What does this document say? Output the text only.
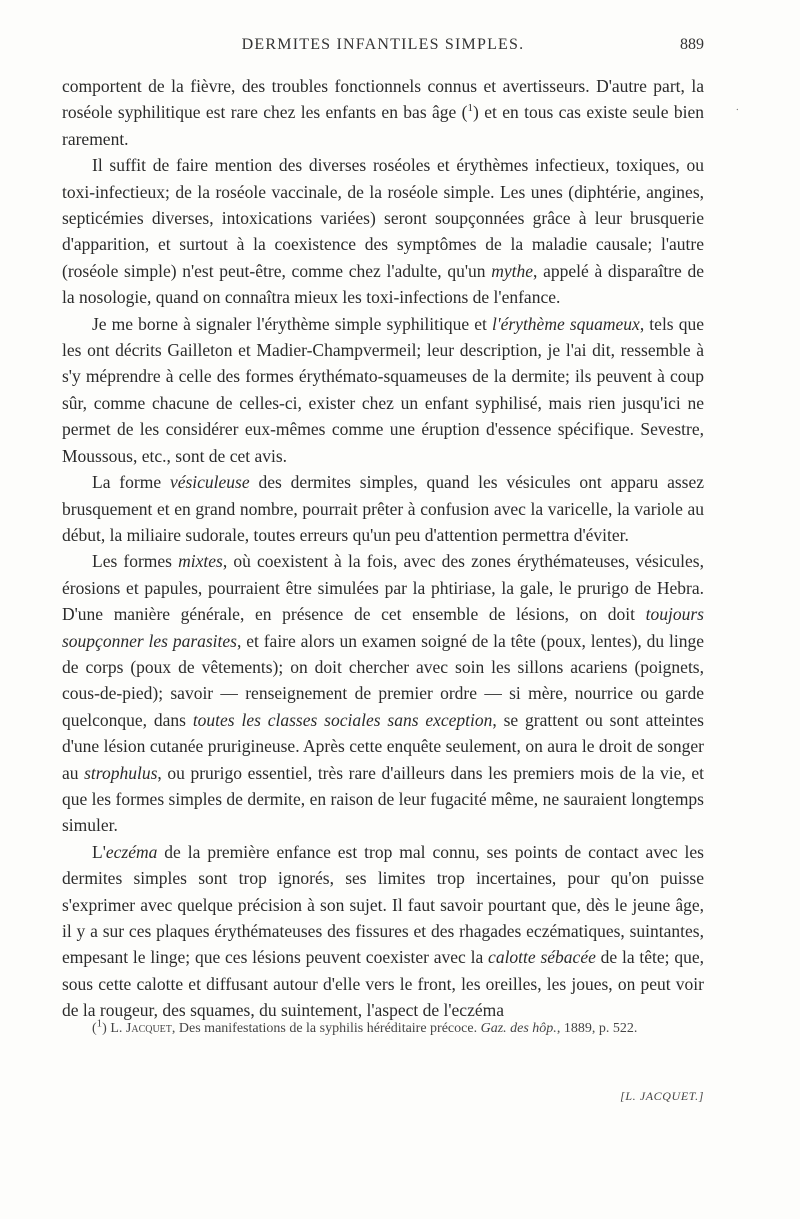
DERMITES INFANTILES SIMPLES.	889
⸱

comportent de la fièvre, des troubles fonctionnels connus et avertisseurs. D'autre part, la roséole syphilitique est rare chez les enfants en bas âge ($^1$) et en tous cas existe seule bien rarement.

Il suffit de faire mention des diverses roséoles et érythèmes infectieux, toxiques, ou toxi-infectieux; de la roséole vaccinale, de la roséole simple. Les unes (diphtérie, angines, septicémies diverses, intoxications variées) seront soupçonnées grâce à leur brusquerie d'apparition, et surtout à la coexistence des symptômes de la maladie causale; l'autre (roséole simple) n'est peut-être, comme chez l'adulte, qu'un mythe, appelé à disparaître de la nosologie, quand on connaîtra mieux les toxi-infections de l'enfance.

Je me borne à signaler l'érythème simple syphilitique et l'érythème squameux, tels que les ont décrits Gailleton et Madier-Champvermeil; leur description, je l'ai dit, ressemble à s'y méprendre à celle des formes érythémato-squameuses de la dermite; ils peuvent à coup sûr, comme chacune de celles-ci, exister chez un enfant syphilisé, mais rien jusqu'ici ne permet de les considérer eux-mêmes comme une éruption d'essence spécifique. Sevestre, Moussous, etc., sont de cet avis.

La forme vésiculeuse des dermites simples, quand les vésicules ont apparu assez brusquement et en grand nombre, pourrait prêter à confusion avec la varicelle, la variole au début, la miliaire sudorale, toutes erreurs qu'un peu d'attention permettra d'éviter.

Les formes mixtes, où coexistent à la fois, avec des zones érythémateuses, vésicules, érosions et papules, pourraient être simulées par la phtiriase, la gale, le prurigo de Hebra. D'une manière générale, en présence de cet ensemble de lésions, on doit toujours soupçonner les parasites, et faire alors un examen soigné de la tête (poux, lentes), du linge de corps (poux de vêtements); on doit chercher avec soin les sillons acariens (poignets, cous-de-pied); savoir — renseignement de premier ordre — si mère, nourrice ou garde quelconque, dans toutes les classes sociales sans exception, se grattent ou sont atteintes d'une lésion cutanée prurigineuse. Après cette enquête seulement, on aura le droit de songer au strophulus, ou prurigo essentiel, très rare d'ailleurs dans les premiers mois de la vie, et que les formes simples de dermite, en raison de leur fugacité même, ne sauraient longtemps simuler.

L'eczéma de la première enfance est trop mal connu, ses points de contact avec les dermites simples sont trop ignorés, ses limites trop incertaines, pour qu'on puisse s'exprimer avec quelque précision à son sujet. Il faut savoir pourtant que, dès le jeune âge, il y a sur ces plaques érythémateuses des fissures et des rhagades eczématiques, suintantes, empesant le linge; que ces lésions peuvent coexister avec la calotte sébacée de la tête; que, sous cette calotte et diffusant autour d'elle vers le front, les oreilles, les joues, on peut voir de la rougeur, des squames, du suintement, l'aspect de l'eczéma

($^1$) L. Jacquet, Des manifestations de la syphilis héréditaire précoce. Gaz. des hôp., 1889, p. 522.
[L. JACQUET.]
